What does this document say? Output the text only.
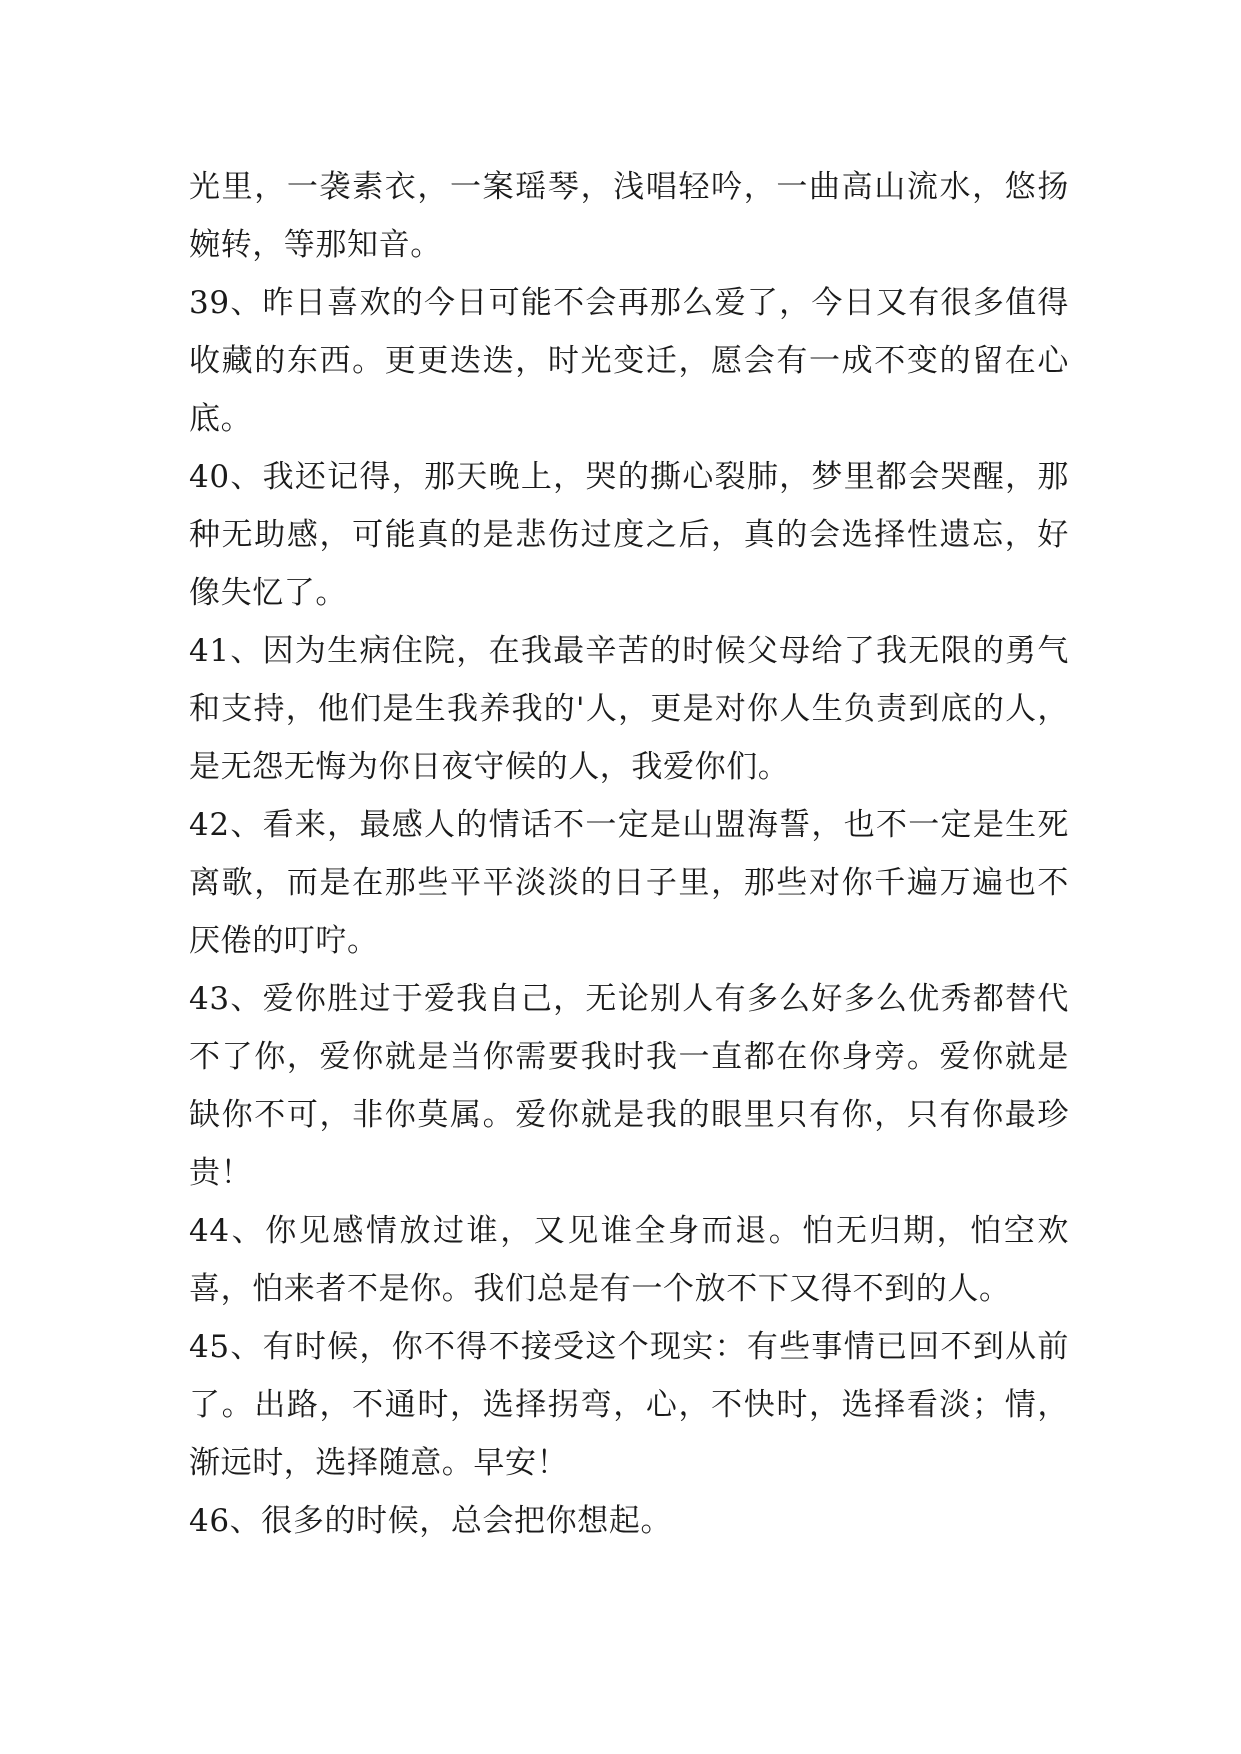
光里，一袭素衣，一案瑶琴，浅唱轻吟，一曲高山流水，悠扬婉转，等那知音。

39、昨日喜欢的今日可能不会再那么爱了，今日又有很多值得收藏的东西。更更迭迭，时光变迁，愿会有一成不变的留在心底。

40、我还记得，那天晚上，哭的撕心裂肺，梦里都会哭醒，那种无助感，可能真的是悲伤过度之后，真的会选择性遗忘，好像失忆了。

41、因为生病住院，在我最辛苦的时候父母给了我无限的勇气和支持，他们是生我养我的'人，更是对你人生负责到底的人，是无怨无悔为你日夜守候的人，我爱你们。

42、看来，最感人的情话不一定是山盟海誓，也不一定是生死离歌，而是在那些平平淡淡的日子里，那些对你千遍万遍也不厌倦的叮咛。

43、爱你胜过于爱我自己，无论别人有多么好多么优秀都替代不了你，爱你就是当你需要我时我一直都在你身旁。爱你就是缺你不可，非你莫属。爱你就是我的眼里只有你，只有你最珍贵！

44、你见感情放过谁，又见谁全身而退。怕无归期，怕空欢喜，怕来者不是你。我们总是有一个放不下又得不到的人。

45、有时候，你不得不接受这个现实：有些事情已回不到从前了。出路，不通时，选择拐弯，心，不快时，选择看淡；情，渐远时，选择随意。早安！

46、很多的时候，总会把你想起。
